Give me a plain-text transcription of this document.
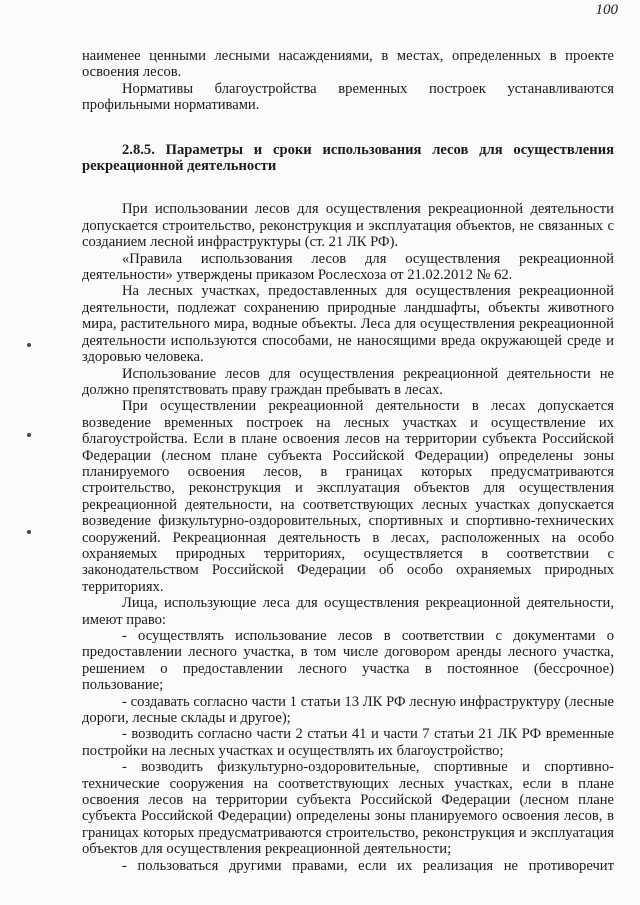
100

наименее ценными лесными насаждениями, в местах, определенных в проекте освоения лесов.

Нормативы благоустройства временных построек устанавливаются профильными нормативами.

2.8.5. Параметры и сроки использования лесов для осуществления рекреационной деятельности

При использовании лесов для осуществления рекреационной деятельности допускается строительство, реконструкция и эксплуатация объектов, не связанных с созданием лесной инфраструктуры (ст. 21 ЛК РФ).

«Правила использования лесов для осуществления рекреационной деятельности» утверждены приказом Рослесхоза от 21.02.2012 № 62.

На лесных участках, предоставленных для осуществления рекреационной деятельности, подлежат сохранению природные ландшафты, объекты животного мира, растительного мира, водные объекты. Леса для осуществления рекреационной деятельности используются способами, не наносящими вреда окружающей среде и здоровью человека.

Использование лесов для осуществления рекреационной деятельности не должно препятствовать праву граждан пребывать в лесах.

При осуществлении рекреационной деятельности в лесах допускается возведение временных построек на лесных участках и осуществление их благоустройства. Если в плане освоения лесов на территории субъекта Российской Федерации (лесном плане субъекта Российской Федерации) определены зоны планируемого освоения лесов, в границах которых предусматриваются строительство, реконструкция и эксплуатация объектов для осуществления рекреационной деятельности, на соответствующих лесных участках допускается возведение физкультурно-оздоровительных, спортивных и спортивно-технических сооружений. Рекреационная деятельность в лесах, расположенных на особо охраняемых природных территориях, осуществляется в соответствии с законодательством Российской Федерации об особо охраняемых природных территориях.

Лица, использующие леса для осуществления рекреационной деятельности, имеют право:

- осуществлять использование лесов в соответствии с документами о предоставлении лесного участка, в том числе договором аренды лесного участка, решением о предоставлении лесного участка в постоянное (бессрочное) пользование;

- создавать согласно части 1 статьи 13 ЛК РФ лесную инфраструктуру (лесные дороги, лесные склады и другое);

- возводить согласно части 2 статьи 41 и части 7 статьи 21 ЛК РФ временные постройки на лесных участках и осуществлять их благоустройство;

- возводить физкультурно-оздоровительные, спортивные и спортивно-технические сооружения на соответствующих лесных участках, если в плане освоения лесов на территории субъекта Российской Федерации (лесном плане субъекта Российской Федерации) определены зоны планируемого освоения лесов, в границах которых предусматриваются строительство, реконструкция и эксплуатация объектов для осуществления рекреационной деятельности;

- пользоваться другими правами, если их реализация не противоречит
